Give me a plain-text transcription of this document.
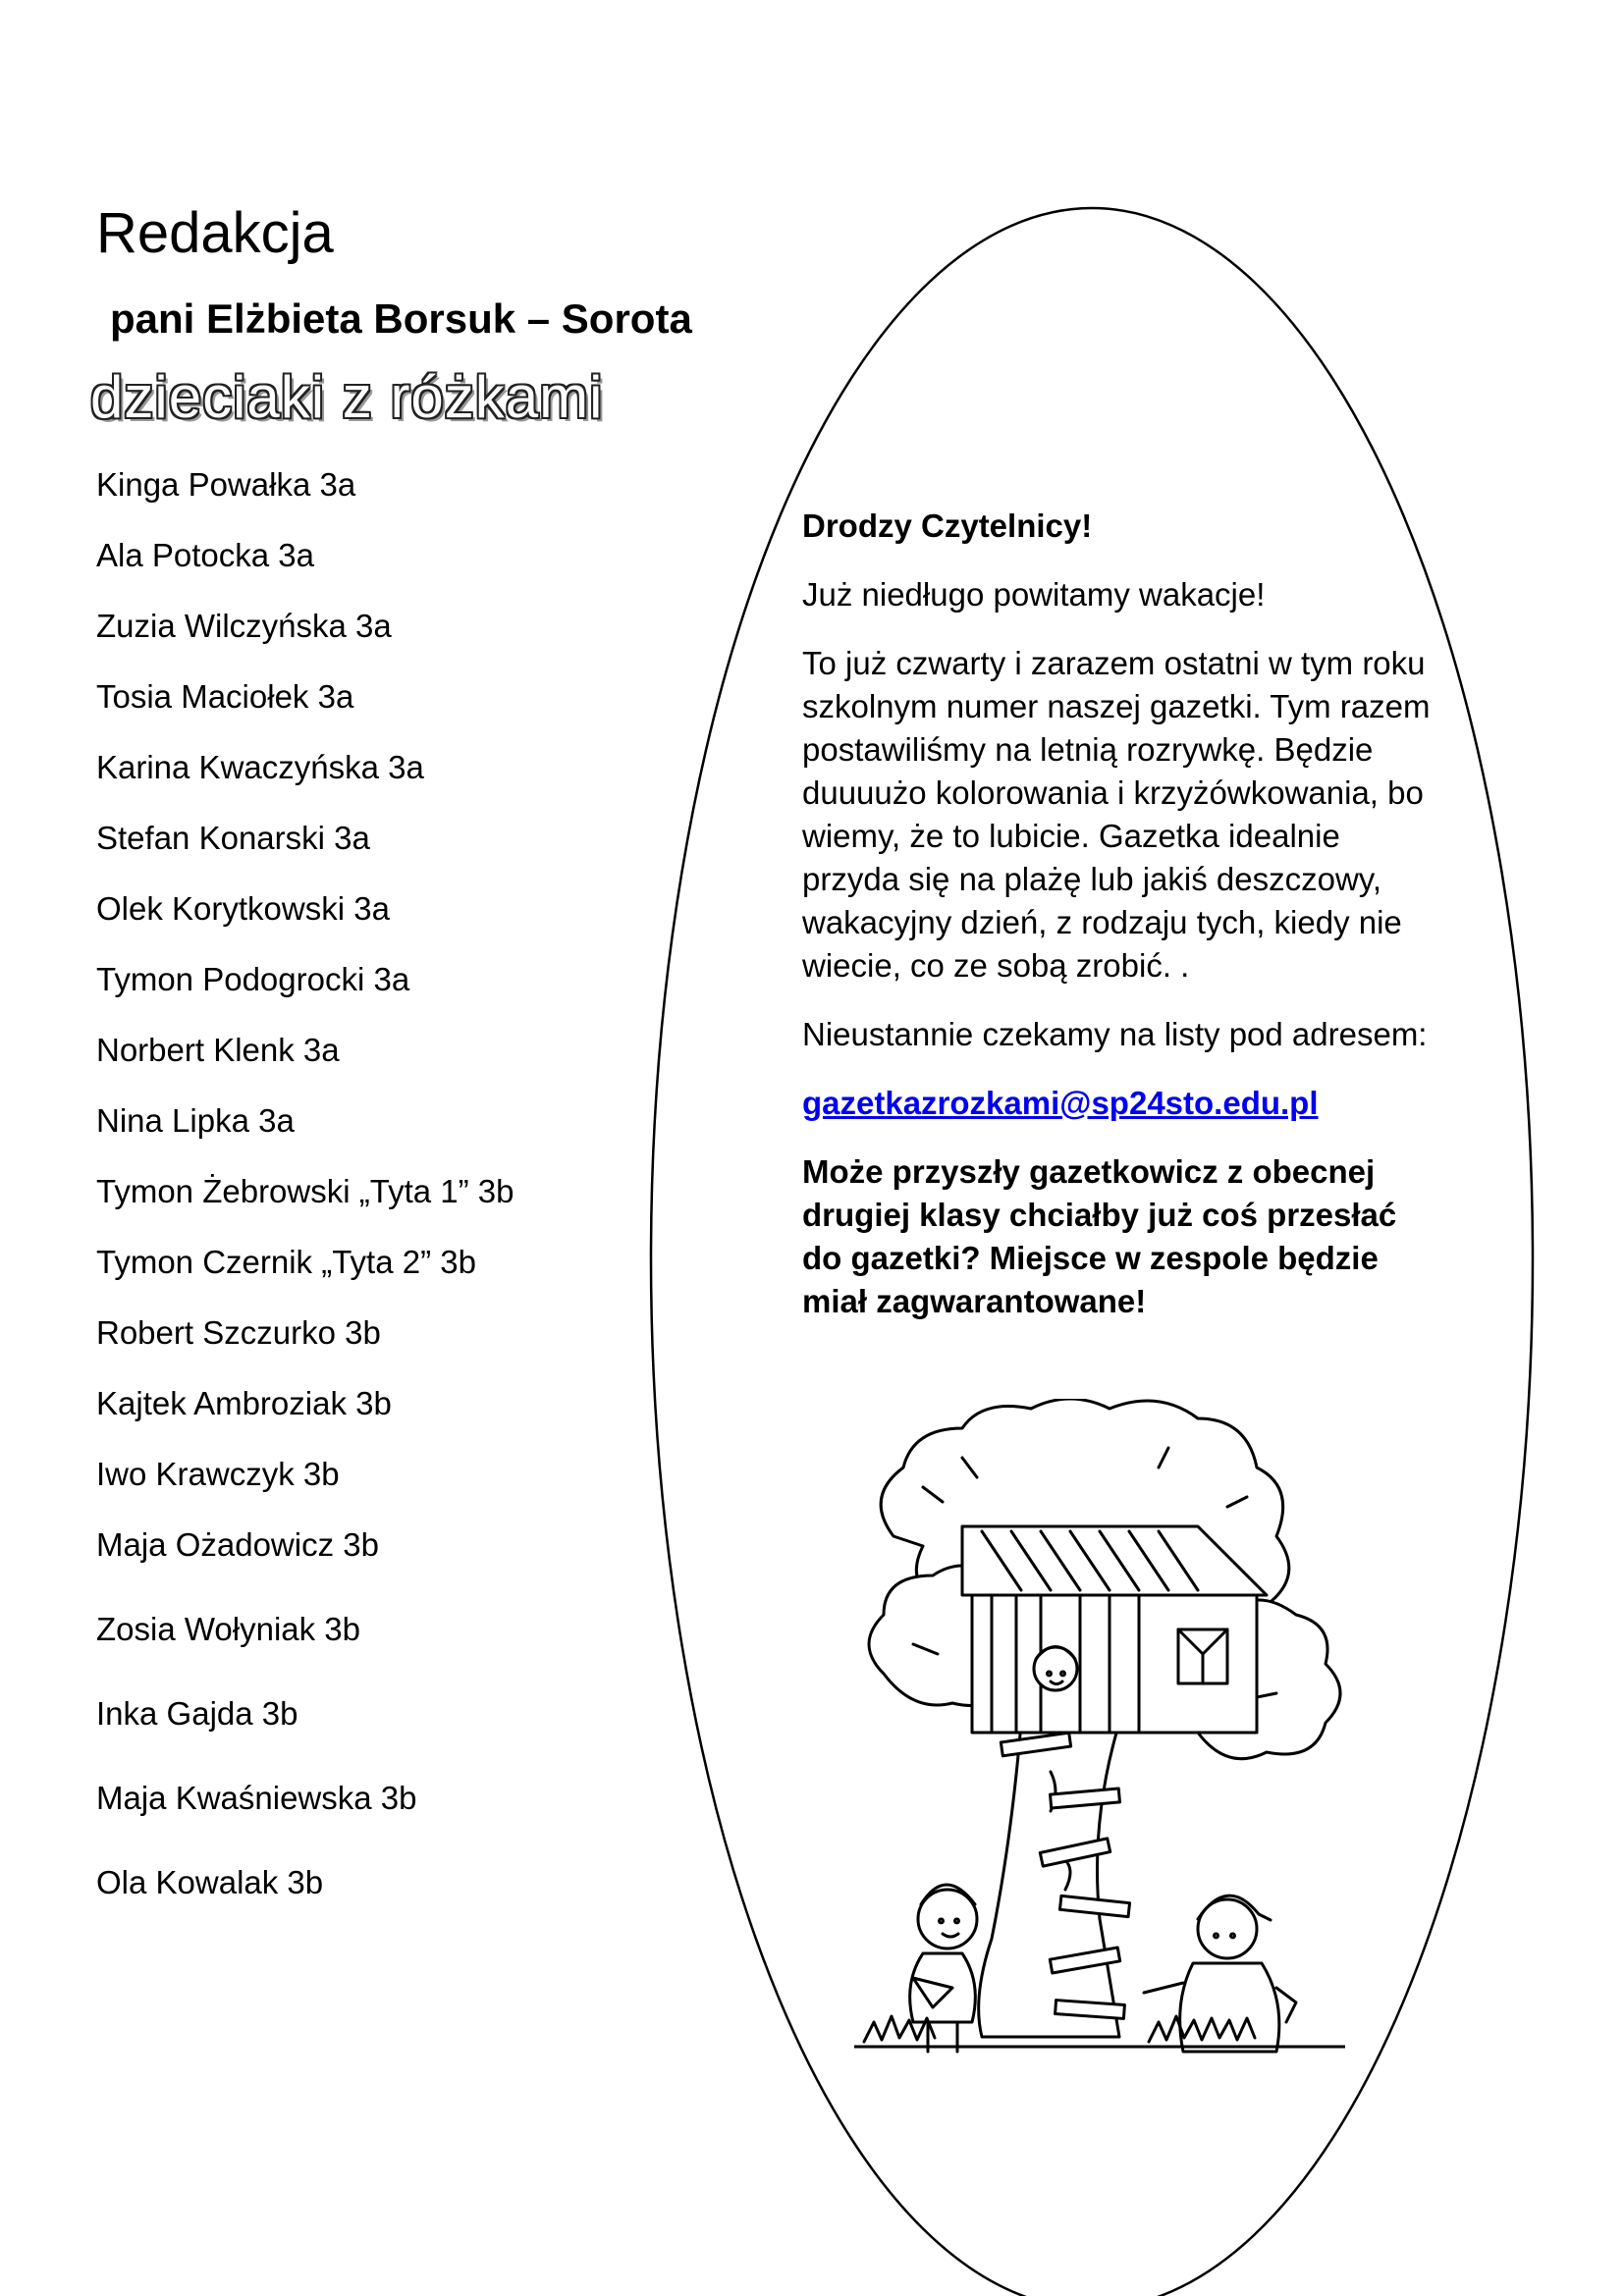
Redakcja
pani Elżbieta Borsuk – Sorota
dzieciaki z różkami
Kinga Powałka 3a
Ala Potocka 3a
Zuzia Wilczyńska 3a
Tosia Maciołek 3a
Karina Kwaczyńska 3a
Stefan Konarski 3a
Olek Korytkowski 3a
Tymon Podogrocki 3a
Norbert Klenk 3a
Nina Lipka 3a
Tymon Żebrowski „Tyta 1” 3b
Tymon Czernik „Tyta 2” 3b
Robert Szczurko 3b
Kajtek Ambroziak 3b
Iwo Krawczyk 3b
Maja Ożadowicz 3b
Zosia Wołyniak 3b
Inka Gajda 3b
Maja Kwaśniewska 3b
Ola Kowalak 3b

Drodzy Czytelnicy!

Już niedługo powitamy wakacje!

To już czwarty i zarazem ostatni w tym roku szkolnym numer naszej gazetki. Tym razem postawiliśmy na letnią rozrywkę. Będzie duuuużo kolorowania i krzyżówkowania, bo wiemy, że to lubicie. Gazetka idealnie przyda się na plażę lub jakiś deszczowy, wakacyjny dzień, z rodzaju tych, kiedy nie wiecie, co ze sobą zrobić. .

Nieustannie czekamy na listy pod adresem:

gazetkazrozkami@sp24sto.edu.pl

Może przyszły gazetkowicz z obecnej drugiej klasy chciałby już coś przesłać do gazetki? Miejsce w zespole będzie miał zagwarantowane!
